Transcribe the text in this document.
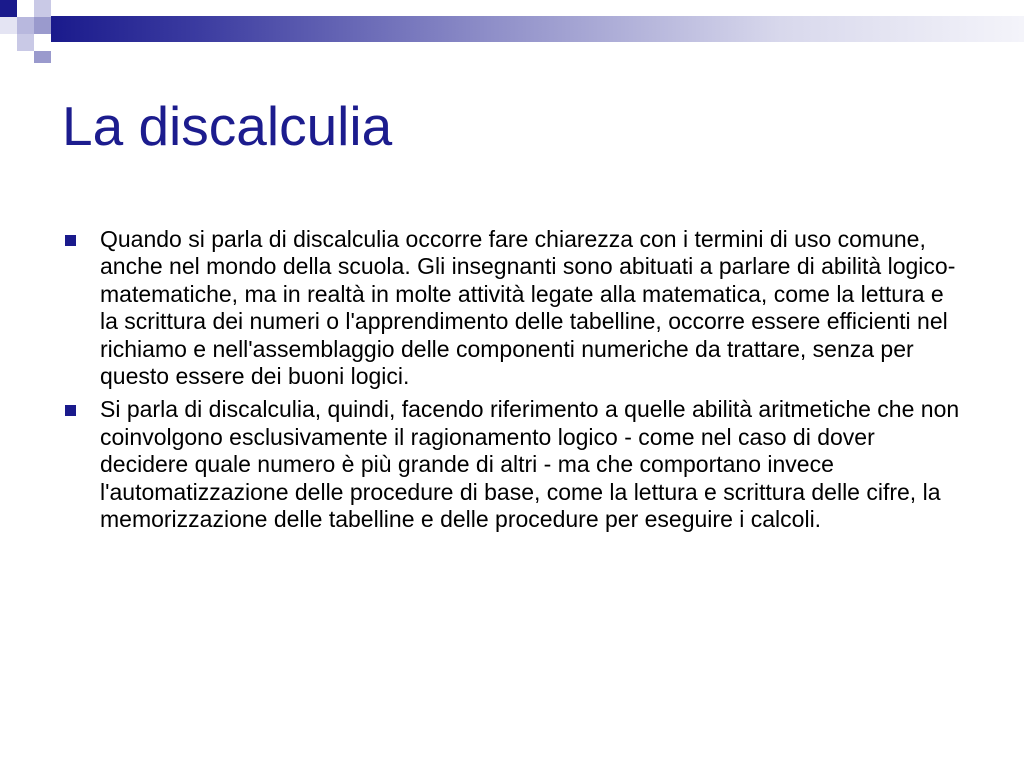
La discalculia
Quando si parla di discalculia occorre fare chiarezza con i termini di uso comune, anche nel mondo della scuola. Gli insegnanti sono abituati a parlare di abilità logico-matematiche, ma in realtà in molte attività legate alla matematica, come la lettura e la scrittura dei numeri o l'apprendimento delle tabelline, occorre essere efficienti nel richiamo e nell'assemblaggio delle componenti numeriche da trattare, senza per questo essere dei buoni logici.
Si parla di discalculia, quindi, facendo riferimento a quelle abilità aritmetiche che non coinvolgono esclusivamente il ragionamento logico - come nel caso di dover decidere quale numero è più grande di altri - ma che comportano invece l'automatizzazione delle procedure di base, come la lettura e scrittura delle cifre, la memorizzazione delle tabelline e delle procedure per eseguire i calcoli.
